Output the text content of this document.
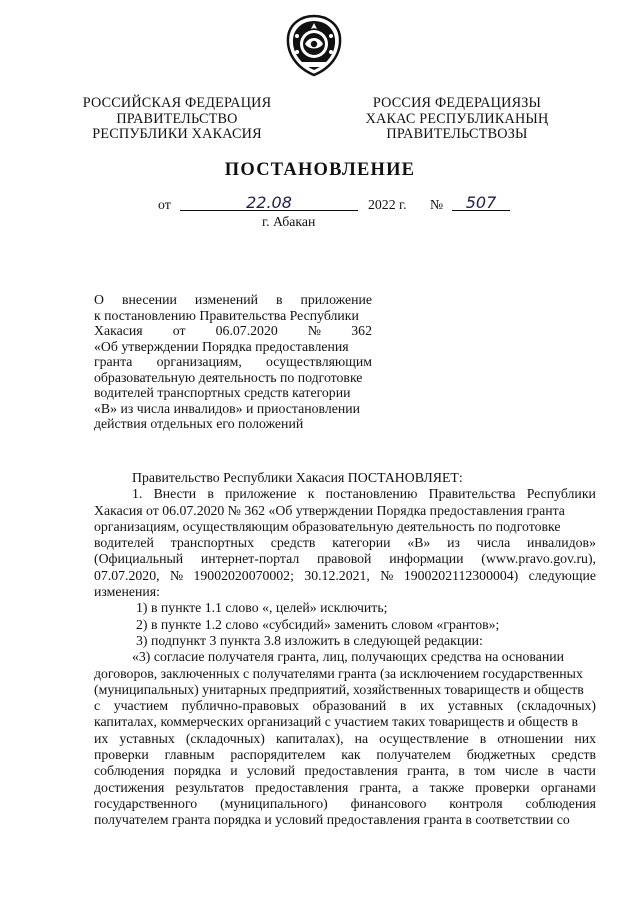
РОССИЙСКАЯ ФЕДЕРАЦИЯ
ПРАВИТЕЛЬСТВО
РЕСПУБЛИКИ ХАКАСИЯ
РОССИЯ ФЕДЕРАЦИЯЗЫ
ХАКАС РЕСПУБЛИКАНЫҢ
ПРАВИТЕЛЬСТВОЗЫ
ПОСТАНОВЛЕНИЕ
от	22.08	2022 г. №	507
г. Абакан
О внесении изменений в приложение
к постановлению Правительства Республики
Хакасия от 06.07.2020 № 362
«Об утверждении Порядка предоставления
гранта организациям, осуществляющим
образовательную деятельность по подготовке
водителей транспортных средств категории
«В» из числа инвалидов» и приостановлении
действия отдельных его положений
Правительство Республики Хакасия ПОСТАНОВЛЯЕТ:
1. Внести в приложение к постановлению Правительства Республики
Хакасия от 06.07.2020 № 362 «Об утверждении Порядка предоставления гранта
организациям, осуществляющим образовательную деятельность по подготовке
водителей транспортных средств категории «В» из числа инвалидов»
(Официальный интернет-портал правовой информации (www.pravo.gov.ru),
07.07.2020, № 19002020070002; 30.12.2021, № 1900202112300004) следующие
изменения:
1) в пункте 1.1 слово «, целей» исключить;
2) в пункте 1.2 слово «субсидий» заменить словом «грантов»;
3) подпункт 3 пункта 3.8 изложить в следующей редакции:
«3) согласие получателя гранта, лиц, получающих средства на основании
договоров, заключенных с получателями гранта (за исключением государственных
(муниципальных) унитарных предприятий, хозяйственных товариществ и обществ
с участием публично-правовых образований в их уставных (складочных)
капиталах, коммерческих организаций с участием таких товариществ и обществ в
их уставных (складочных) капиталах), на осуществление в отношении них
проверки главным распорядителем как получателем бюджетных средств
соблюдения порядка и условий предоставления гранта, в том числе в части
достижения результатов предоставления гранта, а также проверки органами
государственного (муниципального) финансового контроля соблюдения
получателем гранта порядка и условий предоставления гранта в соответствии со
